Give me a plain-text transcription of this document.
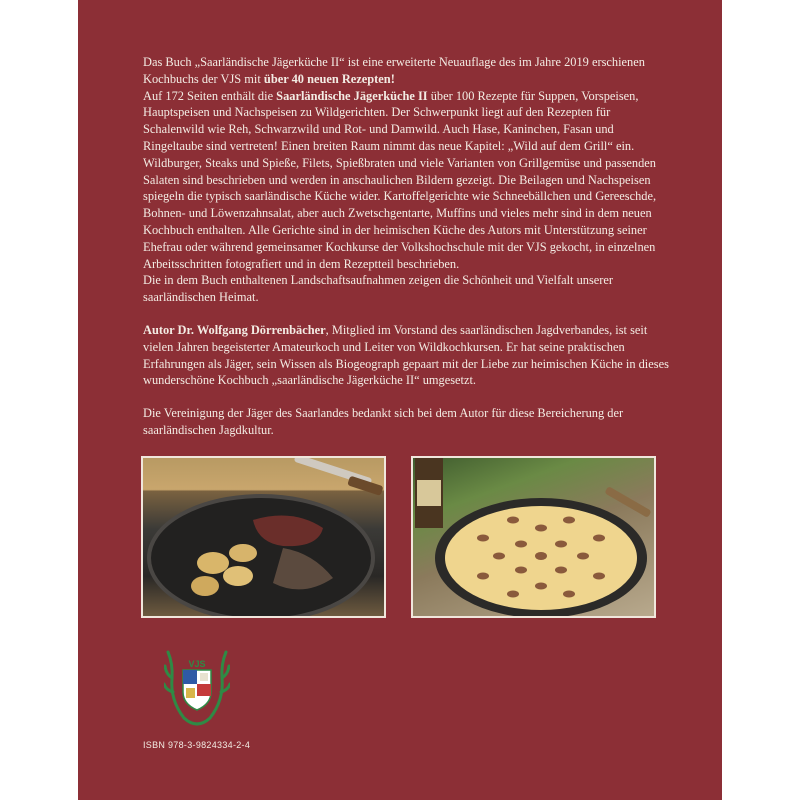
Das Buch „Saarländische Jägerküche II“ ist eine erweiterte Neuauflage des im Jahre 2019 erschienen Kochbuchs der VJS mit über 40 neuen Rezepten!
Auf 172 Seiten enthält die Saarländische Jägerküche II über 100 Rezepte für Suppen, Vorspeisen, Hauptspeisen und Nachspeisen zu Wildgerichten. Der Schwerpunkt liegt auf den Rezepten für Schalenwild wie Reh, Schwarzwild und Rot- und Damwild. Auch Hase, Kaninchen, Fasan und Ringeltaube sind vertreten! Einen breiten Raum nimmt das neue Kapitel: „Wild auf dem Grill“ ein. Wildburger, Steaks und Spieße, Filets, Spießbraten und viele Varianten von Grillgemüse und passenden Salaten sind beschrieben und werden in anschaulichen Bildern gezeigt. Die Beilagen und Nachspeisen spiegeln die typisch saarländische Küche wider. Kartoffelgerichte wie Schneebällchen und Gereeschde, Bohnen- und Löwenzahnsalat, aber auch Zwetschgentarte, Muffins und vieles mehr sind in dem neuen Kochbuch enthalten. Alle Gerichte sind in der heimischen Küche des Autors mit Unterstützung seiner Ehefrau oder während gemeinsamer Kochkurse der Volkshochschule mit der VJS gekocht, in einzelnen Arbeitsschritten fotografiert und in dem Rezeptteil beschrieben.
Die in dem Buch enthaltenen Landschaftsaufnahmen zeigen die Schönheit und Vielfalt unserer saarländischen Heimat.

Autor Dr. Wolfgang Dörrenbächer, Mitglied im Vorstand des saarländischen Jagdverbandes, ist seit vielen Jahren begeisterter Amateurkoch und Leiter von Wildkochkursen. Er hat seine praktischen Erfahrungen als Jäger, sein Wissen als Biogeograph gepaart mit der Liebe zur heimischen Küche in dieses wunderschöne Kochbuch „saarländische Jägerküche II“ umgesetzt.

Die Vereinigung der Jäger des Saarlandes bedankt sich bei dem Autor für diese Bereicherung der saarländischen Jagdkultur.

VJS
ISBN 978-3-9824334-2-4
